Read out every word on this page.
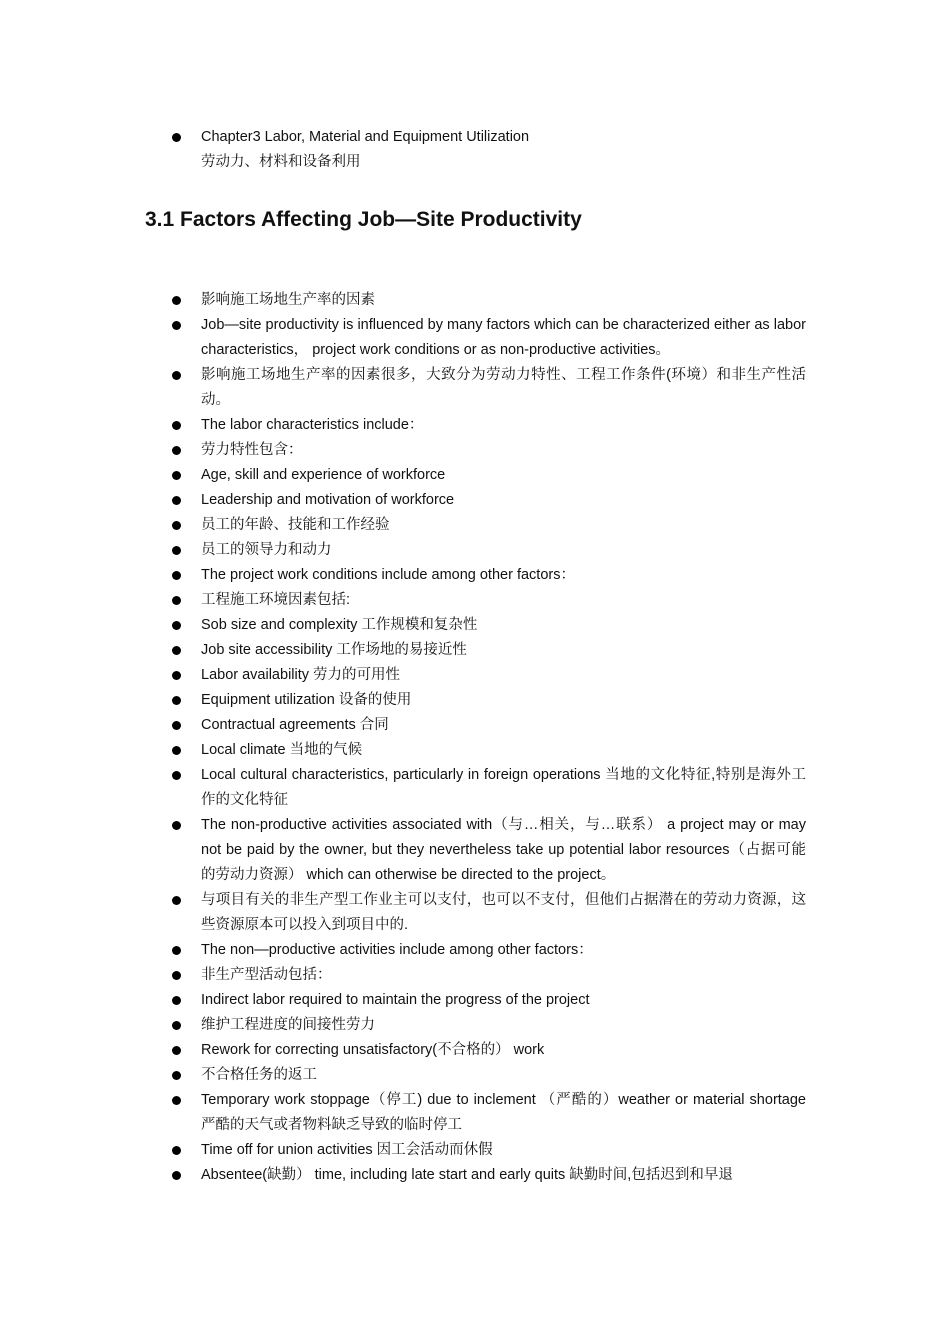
Chapter3 Labor, Material and Equipment Utilization
劳动力、材料和设备利用
3.1 Factors Affecting Job—Site Productivity
影响施工场地生产率的因素
Job—site productivity is influenced by many factors which can be characterized either as labor characteristics， project work conditions or as non-productive activities。
影响施工场地生产率的因素很多，大致分为劳动力特性、工程工作条件(环境）和非生产性活动。
The labor characteristics include：
劳力特性包含：
Age, skill and experience of workforce
Leadership and motivation of workforce
员工的年龄、技能和工作经验
员工的领导力和动力
The project work conditions include among other factors：
工程施工环境因素包括:
Sob size and complexity 工作规模和复杂性
Job site accessibility 工作场地的易接近性
Labor availability 劳力的可用性
Equipment utilization 设备的使用
Contractual agreements 合同
Local climate 当地的气候
Local cultural characteristics, particularly in foreign operations 当地的文化特征,特别是海外工作的文化特征
The non-productive activities associated with（与…相关，与…联系） a project may or may not be paid by the owner, but they nevertheless take up potential labor resources（占据可能的劳动力资源） which can otherwise be directed to the project。
与项目有关的非生产型工作业主可以支付，也可以不支付，但他们占据潜在的劳动力资源，这些资源原本可以投入到项目中的.
The non—productive activities include among other factors：
非生产型活动包括：
Indirect labor required to maintain the progress of the project
维护工程进度的间接性劳力
Rework for correcting unsatisfactory(不合格的） work
不合格任务的返工
Temporary work stoppage（停工) due to inclement （严酷的）weather or material shortage 严酷的天气或者物料缺乏导致的临时停工
Time off for union activities 因工会活动而休假
Absentee(缺勤） time, including late start and early quits 缺勤时间,包括迟到和早退
